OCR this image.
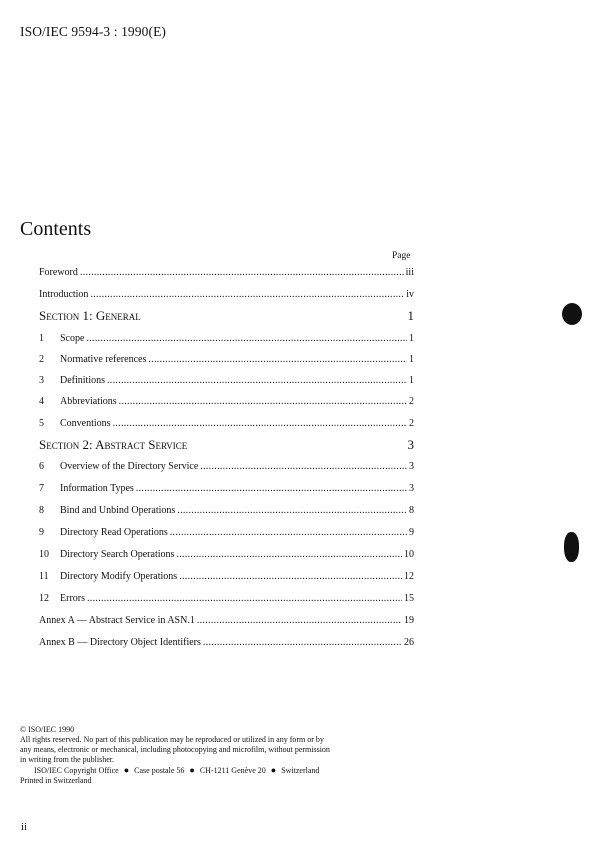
ISO/IEC 9594-3 : 1990(E)
Contents
Page
Foreword .....	iii
Introduction .....	iv
Section 1: General	1
1	Scope .....	1
2	Normative references .....	1
3	Definitions .....	1
4	Abbreviations .....	2
5	Conventions .....	2
Section 2: Abstract Service	3
6	Overview of the Directory Service .....	3
7	Information Types .....	3
8	Bind and Unbind Operations .....	8
9	Directory Read Operations .....	9
10	Directory Search Operations .....	10
11	Directory Modify Operations .....	12
12	Errors .....	15
Annex A — Abstract Service in ASN.1 .....	19
Annex B — Directory Object Identifiers .....	26
© ISO/IEC 1990
All rights reserved. No part of this publication may be reproduced or utilized in any form or by
any means, electronic or mechanical, including photocopying and microfilm, without permission
in writing from the publisher.
ISO/IEC Copyright Office ● Case postale 56 ● CH-1211 Genève 20 ● Switzerland
Printed in Switzerland
ii
